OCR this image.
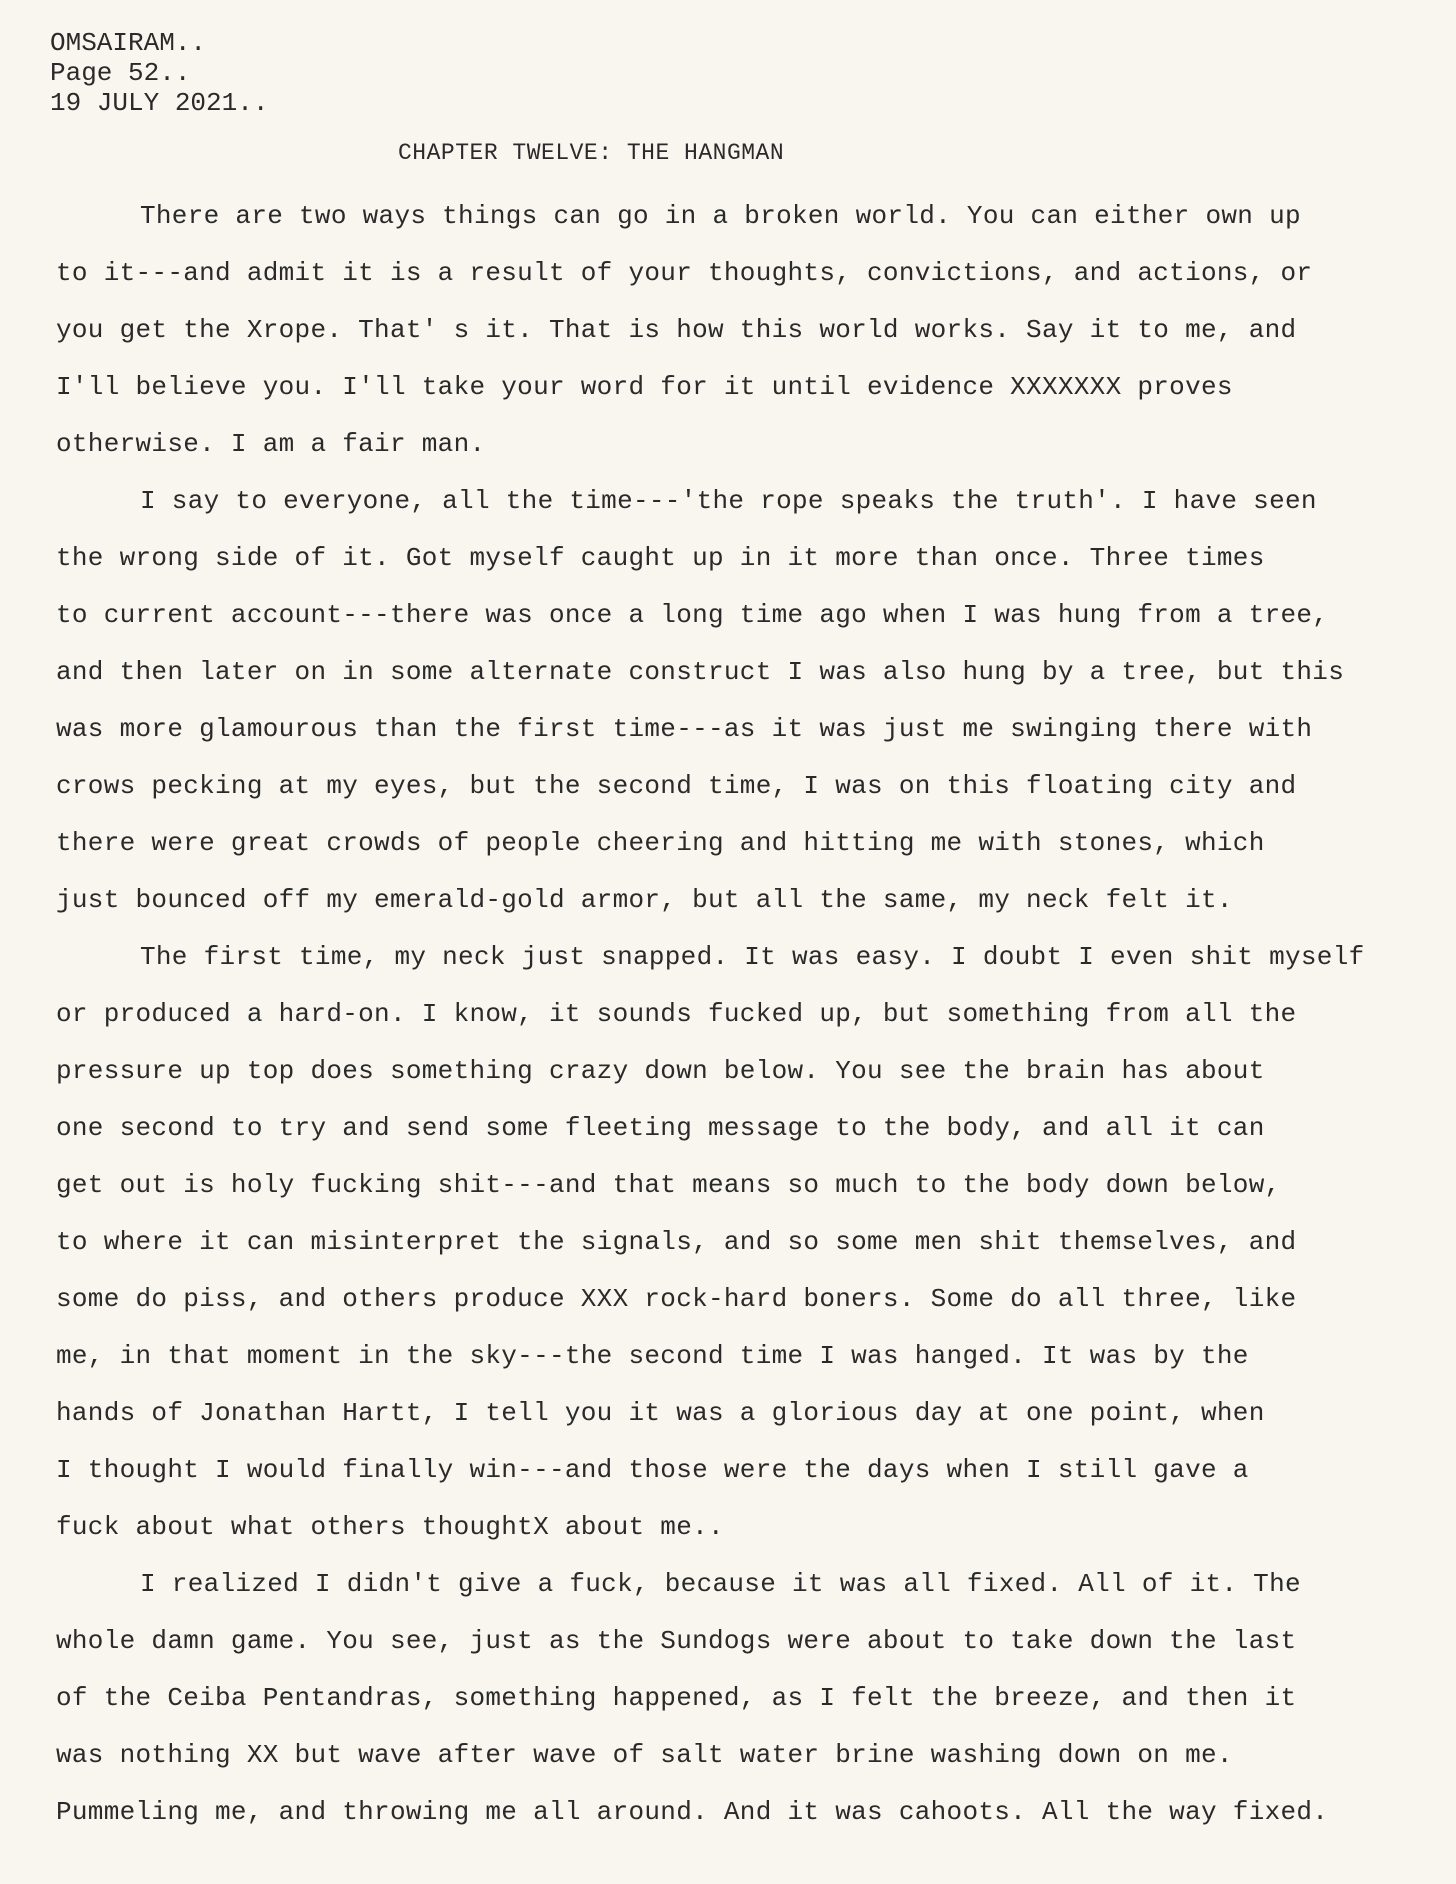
OMSAIRAM..
Page 52..
19 JULY 2021..
CHAPTER TWELVE: THE HANGMAN
There are two ways things can go in a broken world. You can either own up
to it---and admit it is a result of your thoughts, convictions, and actions, or
you get the Xrope. That' s it. That is how this world works. Say it to me, and
I'll believe you. I'll take your word for it until evidence XXXXXXX proves
otherwise. I am a fair man.
I say to everyone, all the time---'the rope speaks the truth'. I have seen
the wrong side of it. Got myself caught up in it more than once. Three times
to current account---there was once a long time ago when I was hung from a tree,
and then later on in some alternate construct I was also hung by a tree, but this
was more glamourous than the first time---as it was just me swinging there with
crows pecking at my eyes, but the second time, I was on this floating city and
there were great crowds of people cheering and hitting me with stones, which
just bounced off my emerald-gold armor, but all the same, my neck felt it.
The first time, my neck just snapped. It was easy. I doubt I even shit myself
or produced a hard-on. I know, it sounds fucked up, but something from all the
pressure up top does something crazy down below. You see the brain has about
one second to try and send some fleeting message to the body, and all it can
get out is holy fucking shit---and that means so much to the body down below,
to where it can misinterpret the signals, and so some men shit themselves, and
some do piss, and others produce XXX rock-hard boners. Some do all three, like
me, in that moment in the sky---the second time I was hanged. It was by the
hands of Jonathan Hartt, I tell you it was a glorious day at one point, when
I thought I would finally win---and those were the days when I still gave a
fuck about what others thoughtX about me..
I realized I didn't give a fuck, because it was all fixed. All of it. The
whole damn game. You see, just as the Sundogs were about to take down the last
of the Ceiba Pentandras, something happened, as I felt the breeze, and then it
was nothing XX but wave after wave of salt water brine washing down on me.
Pummeling me, and throwing me all around. And it was cahoots. All the way fixed.
